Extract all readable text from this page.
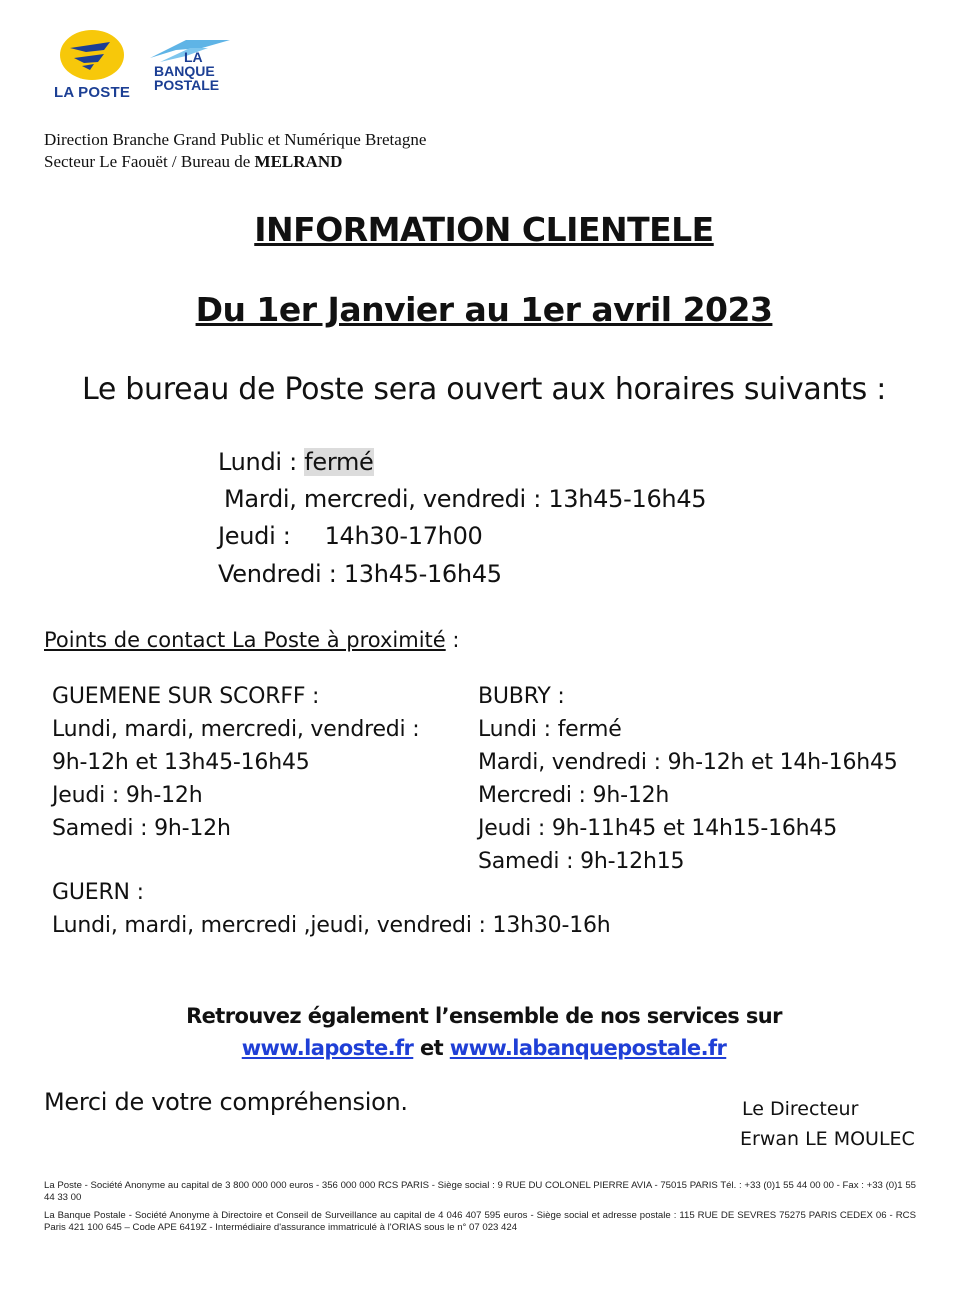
LA POSTE
LA
BANQUE
POSTALE
Direction Branche Grand Public et Numérique Bretagne
Secteur Le Faouët / Bureau de MELRAND
INFORMATION CLIENTELE
Du 1er Janvier au 1er avril 2023
Le bureau de Poste sera ouvert aux horaires suivants :
Lundi : fermé
Mardi, mercredi, vendredi : 13h45-16h45
Jeudi : 14h30-17h00
Vendredi : 13h45-16h45
Points de contact La Poste à proximité :
GUEMENE SUR SCORFF :
Lundi, mardi, mercredi, vendredi :
9h-12h et 13h45-16h45
Jeudi : 9h-12h
Samedi : 9h-12h
BUBRY :
Lundi : fermé
Mardi, vendredi : 9h-12h et 14h-16h45
Mercredi : 9h-12h
Jeudi : 9h-11h45 et 14h15-16h45
Samedi : 9h-12h15
GUERN :
Lundi, mardi, mercredi ,jeudi, vendredi : 13h30-16h
Retrouvez également l’ensemble de nos services sur
www.laposte.fr et www.labanquepostale.fr
Merci de votre compréhension.	Le Directeur
Erwan LE MOULEC
La Poste - Société Anonyme au capital de 3 800 000 000 euros - 356 000 000 RCS PARIS - Siège social : 9 RUE DU COLONEL PIERRE AVIA - 75015 PARIS Tél. : +33 (0)1 55 44 00 00 - Fax : +33 (0)1 55 44 33 00
La Banque Postale - Société Anonyme à Directoire et Conseil de Surveillance au capital de 4 046 407 595 euros - Siège social et adresse postale : 115 RUE DE SEVRES 75275 PARIS CEDEX 06 - RCS Paris 421 100 645 – Code APE 6419Z - Intermédiaire d'assurance immatriculé à l'ORIAS sous le n° 07 023 424
